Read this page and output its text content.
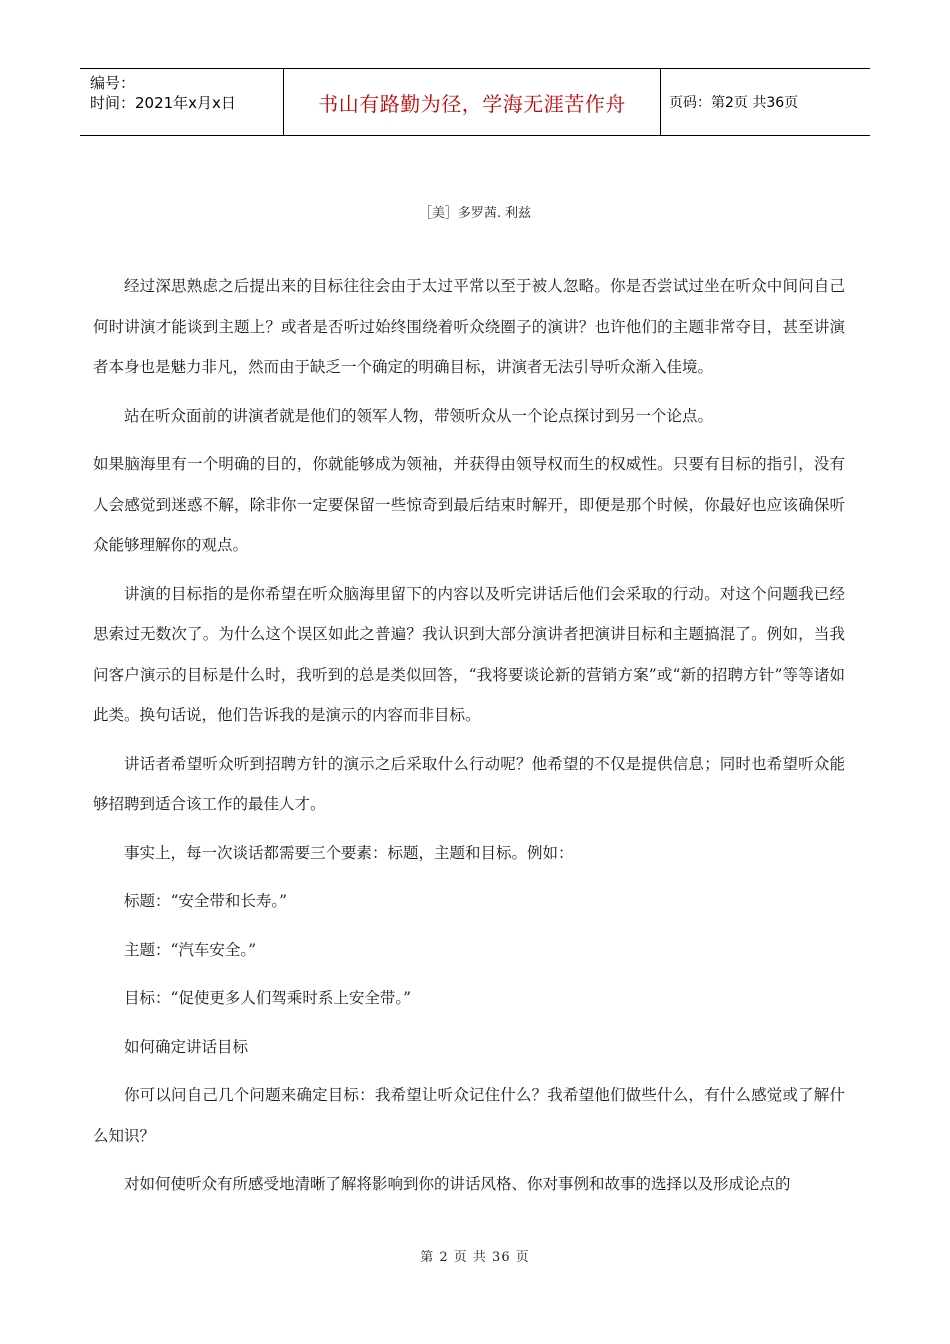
编号：
时间：2021年x月x日	书山有路勤为径，学海无涯苦作舟	页码：第2页 共36页
［美］多罗茜. 利兹

经过深思熟虑之后提出来的目标往往会由于太过平常以至于被人忽略。你是否尝试过坐在听众中间问自己何时讲演才能谈到主题上？或者是否听过始终围绕着听众绕圈子的演讲？也许他们的主题非常夺目，甚至讲演者本身也是魅力非凡，然而由于缺乏一个确定的明确目标，讲演者无法引导听众渐入佳境。

站在听众面前的讲演者就是他们的领军人物，带领听众从一个论点探讨到另一个论点。

如果脑海里有一个明确的目的，你就能够成为领袖，并获得由领导权而生的权威性。只要有目标的指引，没有人会感觉到迷惑不解，除非你一定要保留一些惊奇到最后结束时解开，即便是那个时候，你最好也应该确保听众能够理解你的观点。

讲演的目标指的是你希望在听众脑海里留下的内容以及听完讲话后他们会采取的行动。对这个问题我已经思索过无数次了。为什么这个误区如此之普遍？我认识到大部分演讲者把演讲目标和主题搞混了。例如，当我问客户演示的目标是什么时，我听到的总是类似回答，“我将要谈论新的营销方案”或“新的招聘方针”等等诸如此类。换句话说，他们告诉我的是演示的内容而非目标。

讲话者希望听众听到招聘方针的演示之后采取什么行动呢？他希望的不仅是提供信息；同时也希望听众能够招聘到适合该工作的最佳人才。

事实上，每一次谈话都需要三个要素：标题，主题和目标。例如：

标题：“安全带和长寿。”

主题：“汽车安全。”

目标：“促使更多人们驾乘时系上安全带。”

如何确定讲话目标

你可以问自己几个问题来确定目标：我希望让听众记住什么？我希望他们做些什么，有什么感觉或了解什么知识？

对如何使听众有所感受地清晰了解将影响到你的讲话风格、你对事例和故事的选择以及形成论点的

第 2 页 共 36 页
